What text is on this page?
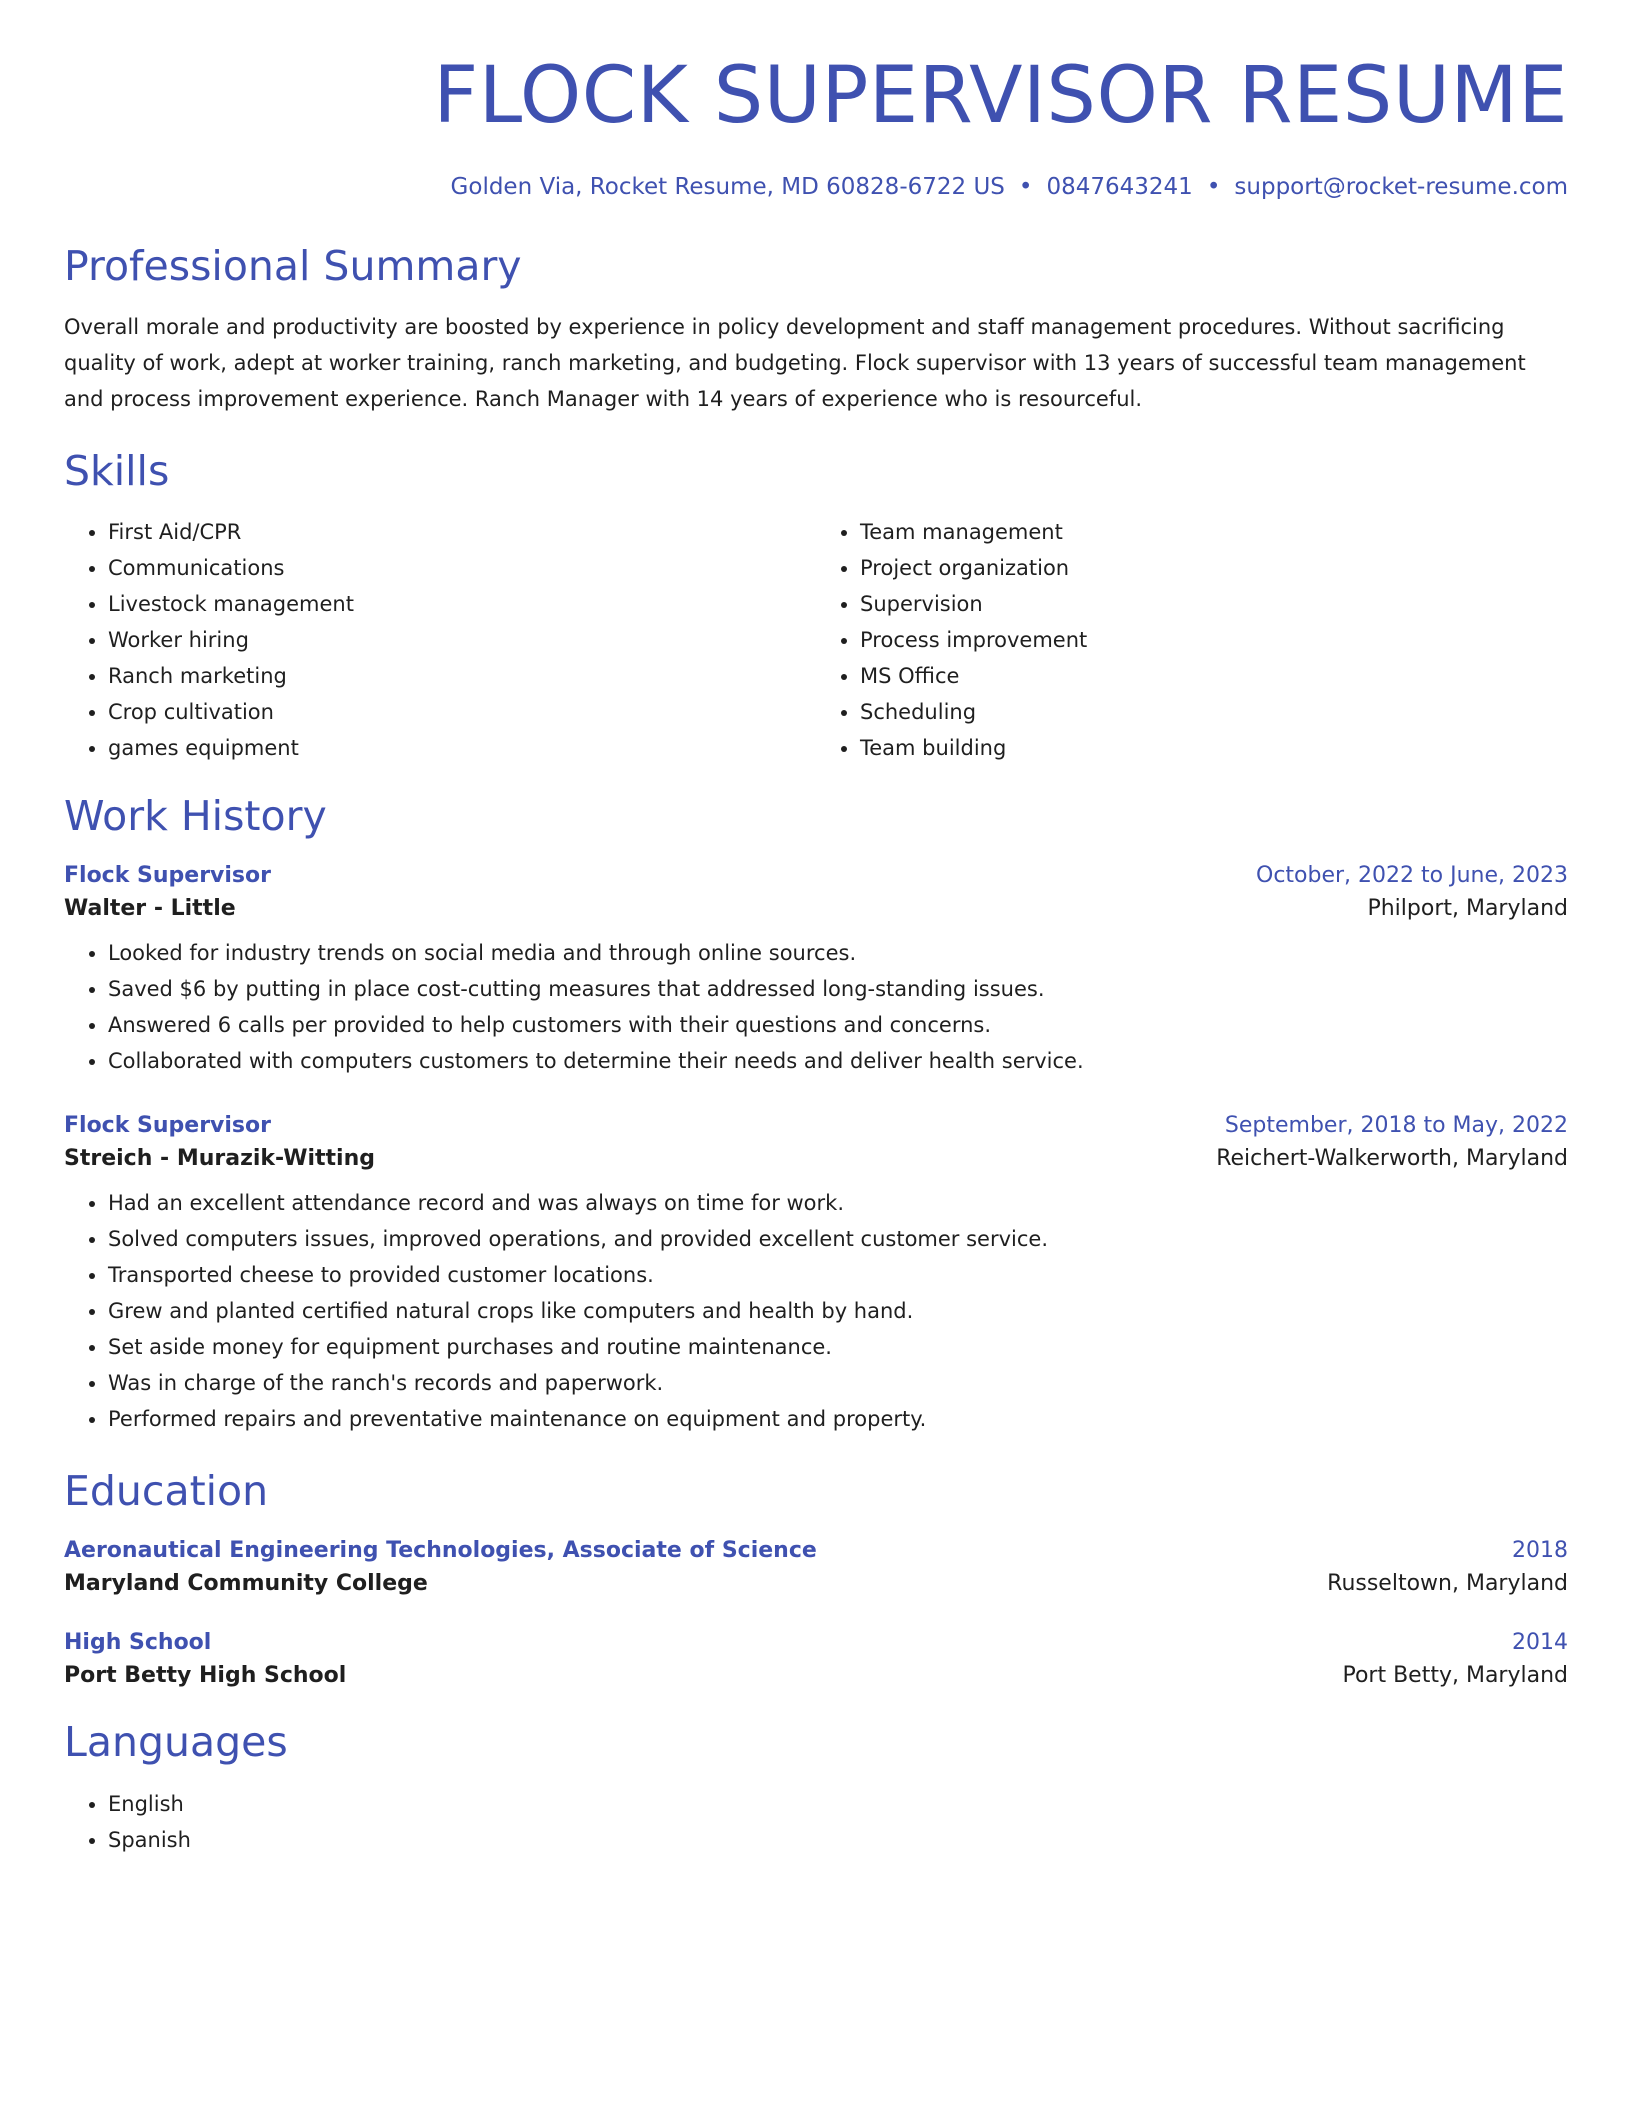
FLOCK SUPERVISOR RESUME
Golden Via, Rocket Resume, MD 60828-6722 US • 0847643241 • support@rocket-resume.com
Professional Summary
Overall morale and productivity are boosted by experience in policy development and staff management procedures. Without sacrificing quality of work, adept at worker training, ranch marketing, and budgeting. Flock supervisor with 13 years of successful team management and process improvement experience. Ranch Manager with 14 years of experience who is resourceful.
Skills
• First Aid/CPR
• Communications
• Livestock management
• Worker hiring
• Ranch marketing
• Crop cultivation
• games equipment
• Team management
• Project organization
• Supervision
• Process improvement
• MS Office
• Scheduling
• Team building
Work History
Flock Supervisor	October, 2022 to June, 2023
Walter - Little	Philport, Maryland
• Looked for industry trends on social media and through online sources.
• Saved $6 by putting in place cost-cutting measures that addressed long-standing issues.
• Answered 6 calls per provided to help customers with their questions and concerns.
• Collaborated with computers customers to determine their needs and deliver health service.
Flock Supervisor	September, 2018 to May, 2022
Streich - Murazik-Witting	Reichert-Walkerworth, Maryland
• Had an excellent attendance record and was always on time for work.
• Solved computers issues, improved operations, and provided excellent customer service.
• Transported cheese to provided customer locations.
• Grew and planted certified natural crops like computers and health by hand.
• Set aside money for equipment purchases and routine maintenance.
• Was in charge of the ranch's records and paperwork.
• Performed repairs and preventative maintenance on equipment and property.
Education
Aeronautical Engineering Technologies, Associate of Science	2018
Maryland Community College	Russeltown, Maryland
High School	2014
Port Betty High School	Port Betty, Maryland
Languages
• English
• Spanish
